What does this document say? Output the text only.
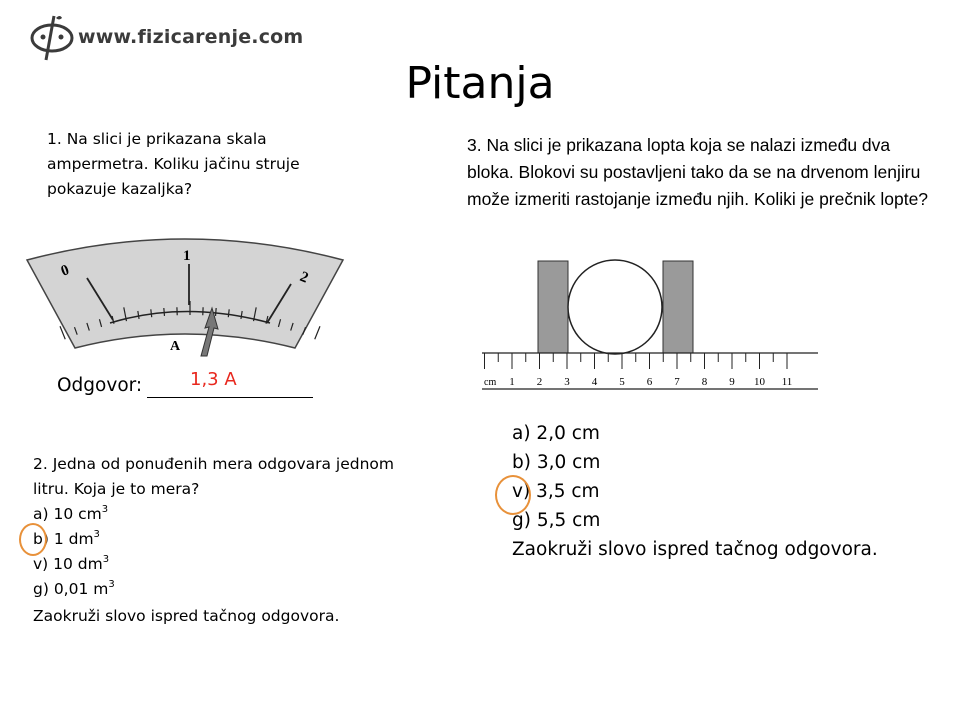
www.fizicarenje.com
Pitanja
1. Na slici je prikazana skala ampermetra. Koliku jačinu struje pokazuje kazaljka?
0
1
2
A
Odgovor:	1,3 A
2. Jedna od ponuđenih mera odgovara jednom
litru. Koja je to mera?
a) 10 $cm^3$
b) 1 $dm^3$
v) 10 $dm^3$
g) 0,01 $m^3$
Zaokruži slovo ispred tačnog odgovora.
3. Na slici je prikazana lopta koja se nalazi između dva bloka. Blokovi su postavljeni tako da se na drvenom lenjiru može izmeriti rastojanje između njih. Koliki je prečnik lopte?
cm 1 2 3 4 5 6 7 8 9 10 11
a) 2,0 cm
b) 3,0 cm
v) 3,5 cm
g) 5,5 cm
Zaokruži slovo ispred tačnog odgovora.
